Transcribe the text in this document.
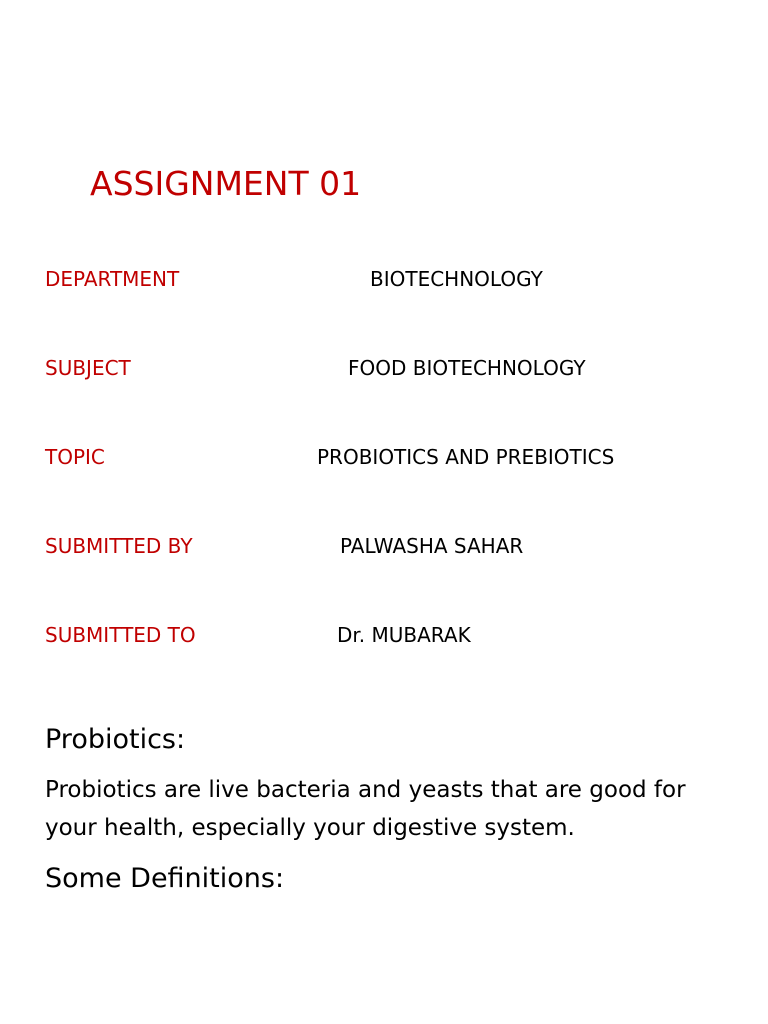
ASSIGNMENT 01
DEPARTMENT	BIOTECHNOLOGY
SUBJECT	FOOD BIOTECHNOLOGY
TOPIC	PROBIOTICS AND PREBIOTICS
SUBMITTED BY	PALWASHA SAHAR
SUBMITTED TO	Dr. MUBARAK
Probiotics:
Probiotics are live bacteria and yeasts that are good for your health, especially your digestive system.
Some Definitions:
